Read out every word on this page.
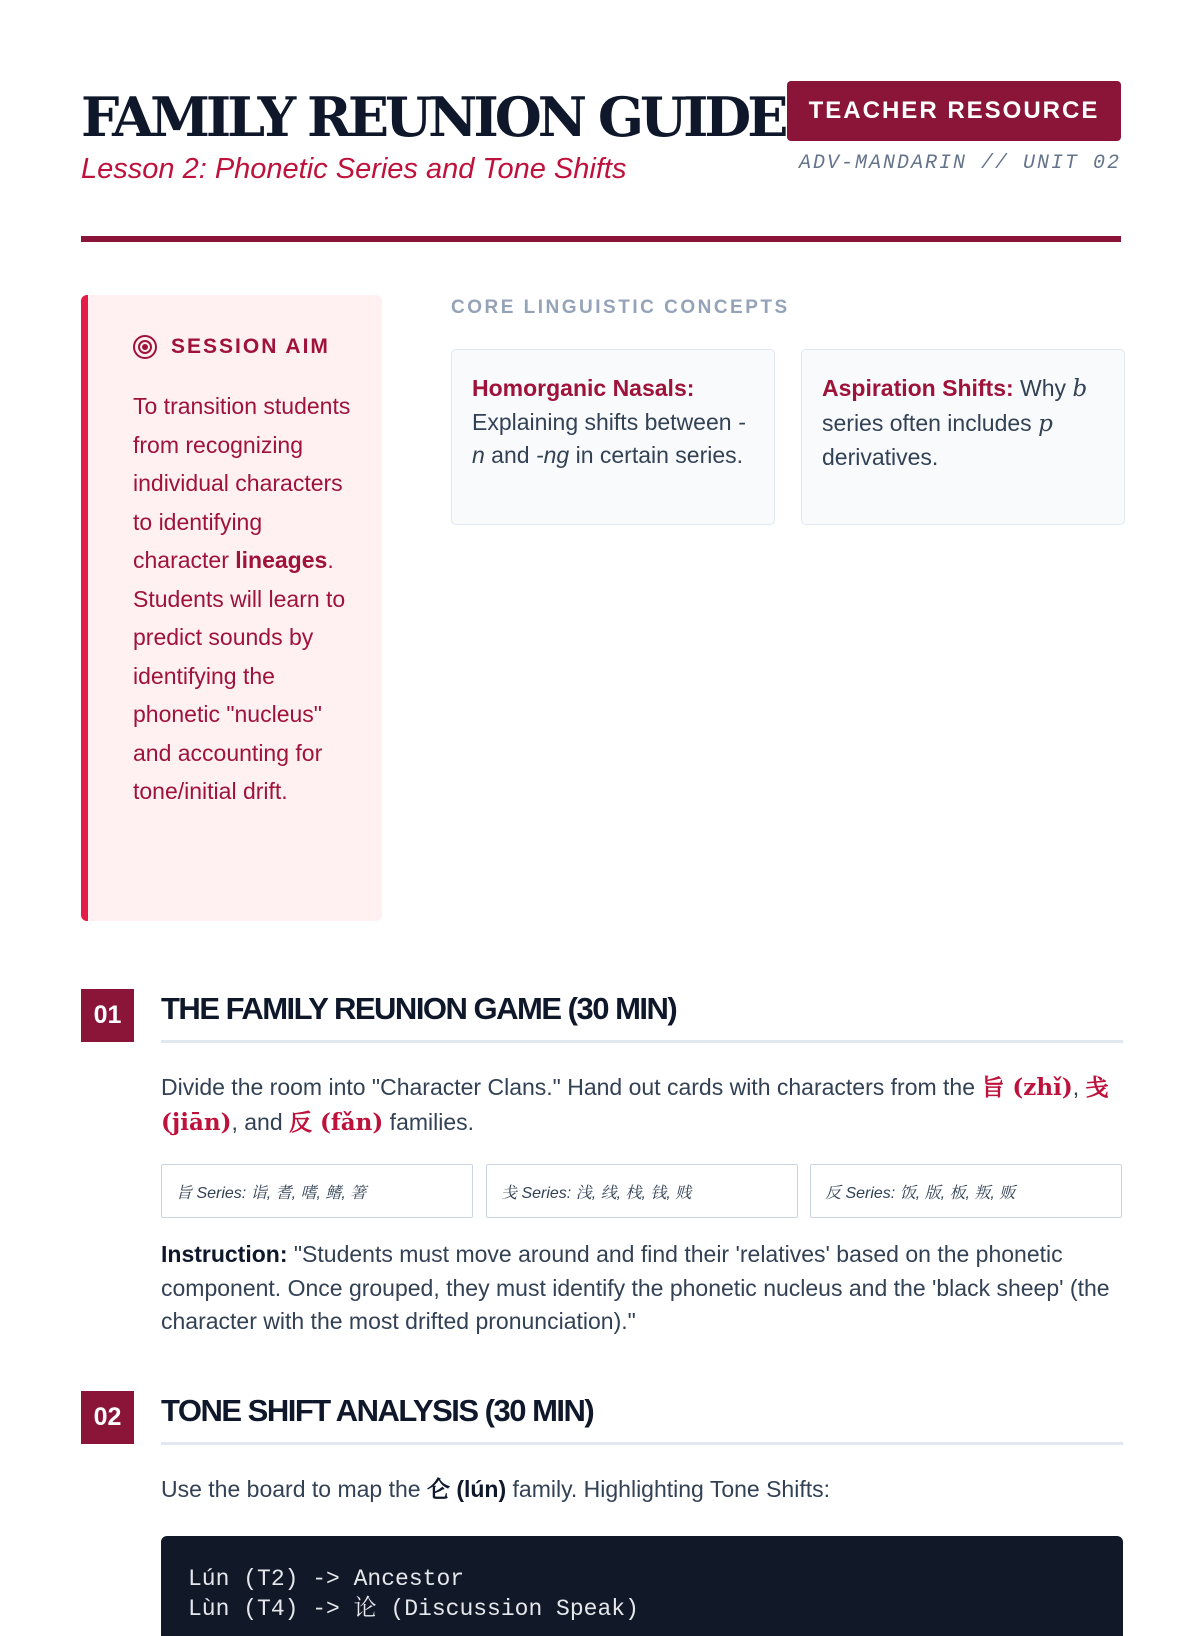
FAMILY REUNION GUIDE
Lesson 2: Phonetic Series and Tone Shifts
TEACHER RESOURCE
ADV-MANDARIN // UNIT 02
SESSION AIM

To transition students from recognizing individual characters to identifying character lineages. Students will learn to predict sounds by identifying the phonetic "nucleus" and accounting for tone/initial drift.

CORE LINGUISTIC CONCEPTS
Homorganic Nasals: Explaining shifts between -n and -ng in certain series.
Aspiration Shifts: Why b series often includes p derivatives.
01	THE FAMILY REUNION GAME (30 MIN)

Divide the room into "Character Clans." Hand out cards with characters from the 旨 (zhǐ), 戋 (jiān), and 反 (fǎn) families.

旨 Series: 诣, 耆, 嗜, 鳍, 箸	戋 Series: 浅, 线, 栈, 钱, 贱	反 Series: 饭, 版, 板, 叛, 贩

Instruction: "Students must move around and find their 'relatives' based on the phonetic component. Once grouped, they must identify the phonetic nucleus and the 'black sheep' (the character with the most drifted pronunciation)."

02	TONE SHIFT ANALYSIS (30 MIN)

Use the board to map the 仑 (lún) family. Highlighting Tone Shifts:

Lún (T2) -> Ancestor
Lùn (T4) -> 论 (Discussion Speak)
